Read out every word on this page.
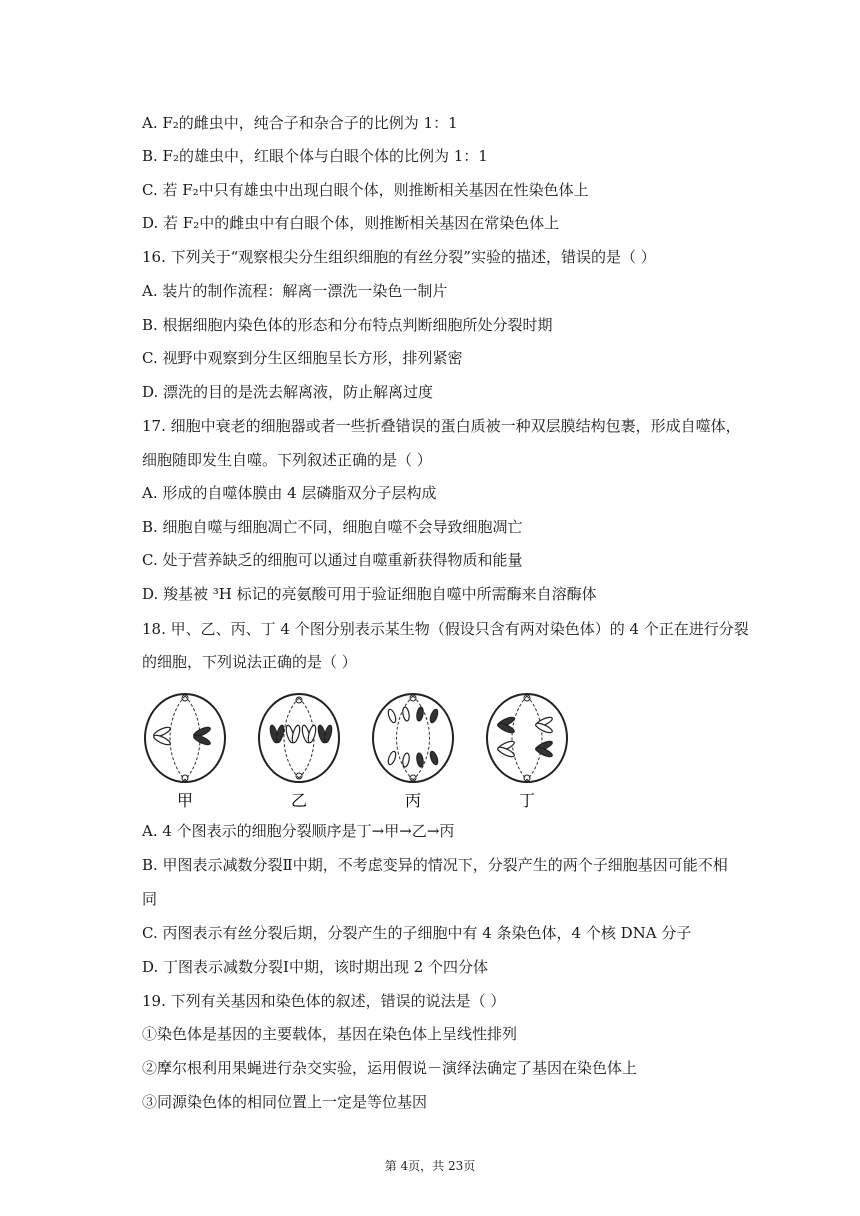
A. F₂的雌虫中，纯合子和杂合子的比例为 1：1
B. F₂的雄虫中，红眼个体与白眼个体的比例为 1：1
C. 若 F₂中只有雄虫中出现白眼个体，则推断相关基因在性染色体上
D. 若 F₂中的雌虫中有白眼个体，则推断相关基因在常染色体上
16. 下列关于“观察根尖分生组织细胞的有丝分裂”实验的描述，错误的是（ ）
A. 装片的制作流程：解离一漂洗一染色一制片
B. 根据细胞内染色体的形态和分布特点判断细胞所处分裂时期
C. 视野中观察到分生区细胞呈长方形，排列紧密
D. 漂洗的目的是洗去解离液，防止解离过度
17. 细胞中衰老的细胞器或者一些折叠错误的蛋白质被一种双层膜结构包裹，形成自噬体，
细胞随即发生自噬。下列叙述正确的是（ ）
A. 形成的自噬体膜由 4 层磷脂双分子层构成
B. 细胞自噬与细胞凋亡不同，细胞自噬不会导致细胞凋亡
C. 处于营养缺乏的细胞可以通过自噬重新获得物质和能量
D. 羧基被 ³H 标记的亮氨酸可用于验证细胞自噬中所需酶来自溶酶体
18. 甲、乙、丙、丁 4 个图分别表示某生物（假设只含有两对染色体）的 4 个正在进行分裂
的细胞，下列说法正确的是（ ）
甲	乙	丙	丁
A. 4 个图表示的细胞分裂顺序是丁→甲→乙→丙
B. 甲图表示减数分裂Ⅱ中期，不考虑变异的情况下，分裂产生的两个子细胞基因可能不相
同
C. 丙图表示有丝分裂后期，分裂产生的子细胞中有 4 条染色体，4 个核 DNA 分子
D. 丁图表示减数分裂Ⅰ中期，该时期出现 2 个四分体
19. 下列有关基因和染色体的叙述，错误的说法是（ ）
①染色体是基因的主要载体，基因在染色体上呈线性排列
②摩尔根利用果蝇进行杂交实验，运用假说－演绎法确定了基因在染色体上
③同源染色体的相同位置上一定是等位基因
第 4页，共 23页
